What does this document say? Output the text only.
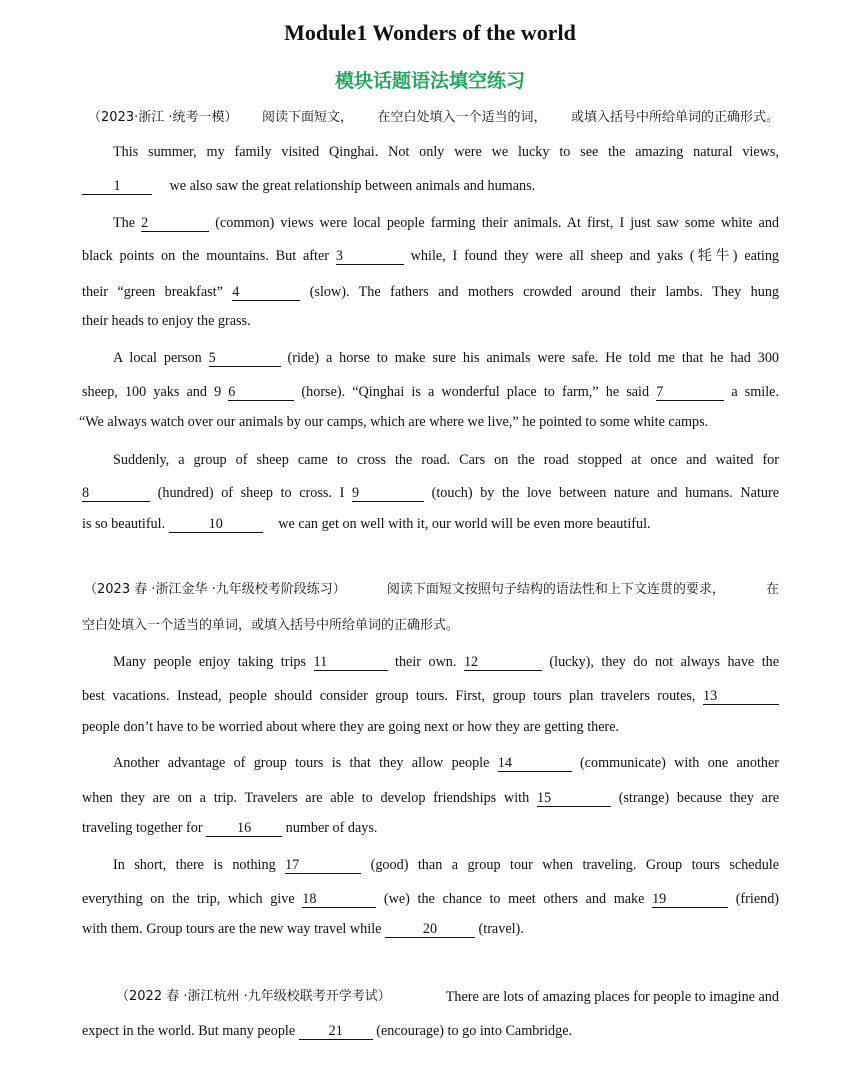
Module1 Wonders of the world
模块话题语法填空练习
（2023·浙江 ·统考一模） 阅读下面短文， 在空白处填入一个适当的词， 或填入括号中所给单词的正确形式。
This summer, my family visited Qinghai. Not only were we lucky to see the amazing natural views,
1	we also saw the great relationship between animals and humans.
The 2	(common) views were local people farming their animals. At first, I just saw some white and
black points on the mountains. But after 3	while, I found they were all sheep and yaks (牦牛) eating
their “green breakfast” 4	(slow). The fathers and mothers crowded around their lambs. They hung
their heads to enjoy the grass.
A local person 5	(ride) a horse to make sure his animals were safe. He told me that he had 300
sheep, 100 yaks and 9 6	(horse). “Qinghai is a wonderful place to farm,” he said 7	a smile.
“We always watch over our animals by our camps, which are where we live,” he pointed to some white camps.
Suddenly, a group of sheep came to cross the road. Cars on the road stopped at once and waited for
8	(hundred) of sheep to cross. I 9	(touch) by the love between nature and humans. Nature
is so beautiful.	10	we can get on well with it, our world will be even more beautiful.
（2023 春 ·浙江金华 ·九年级校考阶段练习）	阅读下面短文按照句子结构的语法性和上下文连贯的要求，	在
空白处填入一个适当的单词，或填入括号中所给单词的正确形式。
Many people enjoy taking trips 11	their own. 12	(lucky), they do not always have the
best vacations. Instead, people should consider group tours. First, group tours plan travelers routes, 13
people don’t have to be worried about where they are going next or how they are getting there.
Another advantage of group tours is that they allow people 14	(communicate) with one another
when they are on a trip. Travelers are able to develop friendships with 15	(strange) because they are
traveling together for 16 number of days.
In short, there is nothing 17	(good) than a group tour when traveling. Group tours schedule
everything on the trip, which give 18	(we) the chance to meet others and make 19	(friend)
with them. Group tours are the new way travel while	20	(travel).
（2022 春 ·浙江杭州 ·九年级校联考开学考试）	There are lots of amazing places for people to imagine and
expect in the world. But many people 21 (encourage) to go into Cambridge.
